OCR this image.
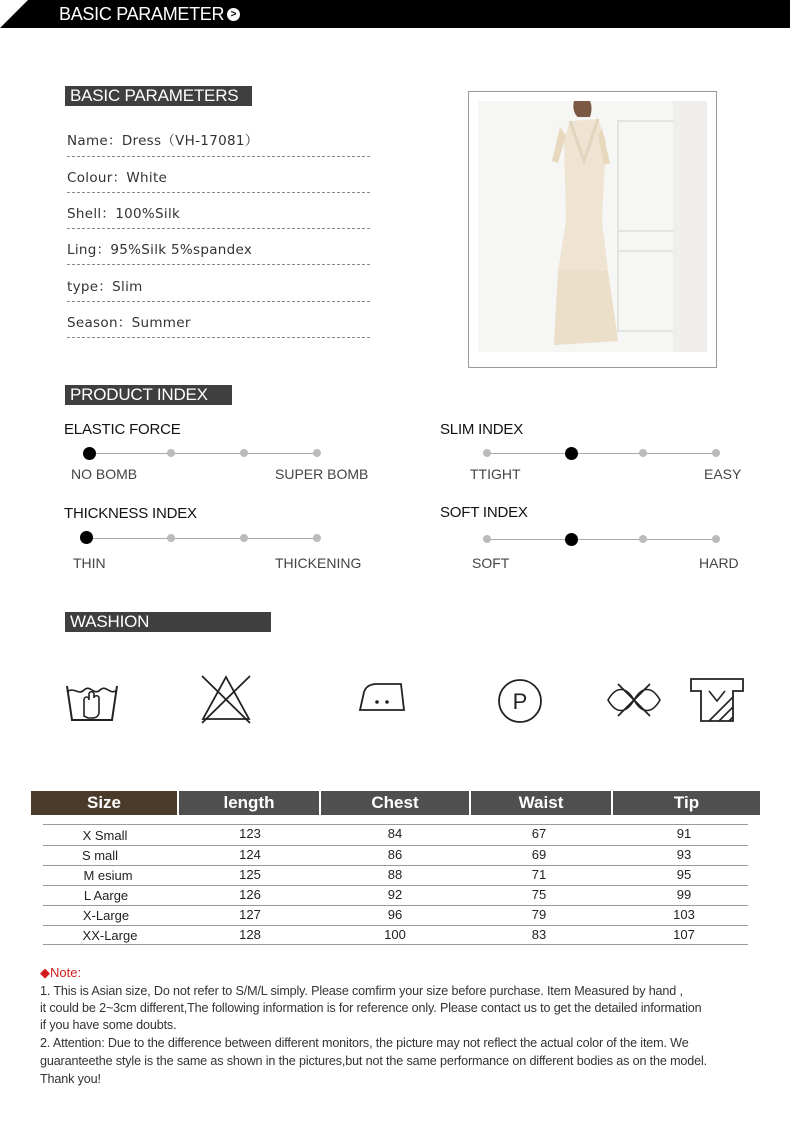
BASIC PARAMETER >
BASIC PARAMETERS
Name：Dress（VH-17081）
Colour：White
Shell：100%Silk
Ling：95%Silk 5%spandex
type：Slim
Season：Summer
PRODUCT INDEX
ELASTIC FORCE
NO BOMB	SUPER BOMB
SLIM INDEX
TTIGHT	EASY
THICKNESS INDEX
THIN	THICKENING
SOFT INDEX
SOFT	HARD
WASHION INSTUCTIONS
P
Size	length	Chest	Waist	Tip
X Small	123	84	67	91
S mall	124	86	69	93
M esium	125	88	71	95
L Aarge	126	92	75	99
X-Large	127	96	79	103
XX-Large	128	100	83	107
◆Note:
1. This is Asian size, Do not refer to S/M/L simply. Please comfirm your size before purchase. Item Measured by hand ,
it could be 2~3cm different,The following information is for reference only. Please contact us to get the detailed information
if you have some doubts.
2. Attention: Due to the difference between different monitors, the picture may not reflect the actual color of the item. We
guaranteethe style is the same as shown in the pictures,but not the same performance on different bodies as on the model.
Thank you!
